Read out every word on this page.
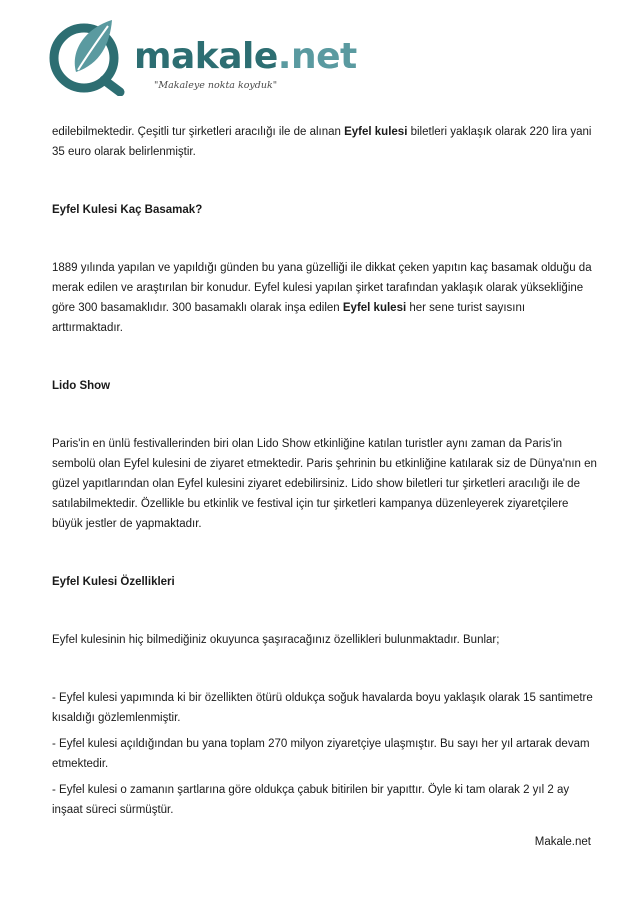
makale.net
"Makaleye nokta koyduk"

edilebilmektedir. Çeşitli tur şirketleri aracılığı ile de alınan Eyfel kulesi biletleri yaklaşık olarak 220 lira yani 35 euro olarak belirlenmiştir.

Eyfel Kulesi Kaç Basamak?

1889 yılında yapılan ve yapıldığı günden bu yana güzelliği ile dikkat çeken yapıtın kaç basamak olduğu da merak edilen ve araştırılan bir konudur. Eyfel kulesi yapılan şirket tarafından yaklaşık olarak yüksekliğine göre 300 basamaklıdır. 300 basamaklı olarak inşa edilen Eyfel kulesi her sene turist sayısını arttırmaktadır.

Lido Show

Paris'in en ünlü festivallerinden biri olan Lido Show etkinliğine katılan turistler aynı zaman da Paris'in sembolü olan Eyfel kulesini de ziyaret etmektedir. Paris şehrinin bu etkinliğine katılarak siz de Dünya'nın en güzel yapıtlarından olan Eyfel kulesini ziyaret edebilirsiniz. Lido show biletleri tur şirketleri aracılığı ile de satılabilmektedir. Özellikle bu etkinlik ve festival için tur şirketleri kampanya düzenleyerek ziyaretçilere büyük jestler de yapmaktadır.

Eyfel Kulesi Özellikleri

Eyfel kulesinin hiç bilmediğiniz okuyunca şaşıracağınız özellikleri bulunmaktadır. Bunlar;

- Eyfel kulesi yapımında ki bir özellikten ötürü oldukça soğuk havalarda boyu yaklaşık olarak 15 santimetre kısaldığı gözlemlenmiştir.

- Eyfel kulesi açıldığından bu yana toplam 270 milyon ziyaretçiye ulaşmıştır. Bu sayı her yıl artarak devam etmektedir.

- Eyfel kulesi o zamanın şartlarına göre oldukça çabuk bitirilen bir yapıttır. Öyle ki tam olarak 2 yıl 2 ay inşaat süreci sürmüştür.

Makale.net
